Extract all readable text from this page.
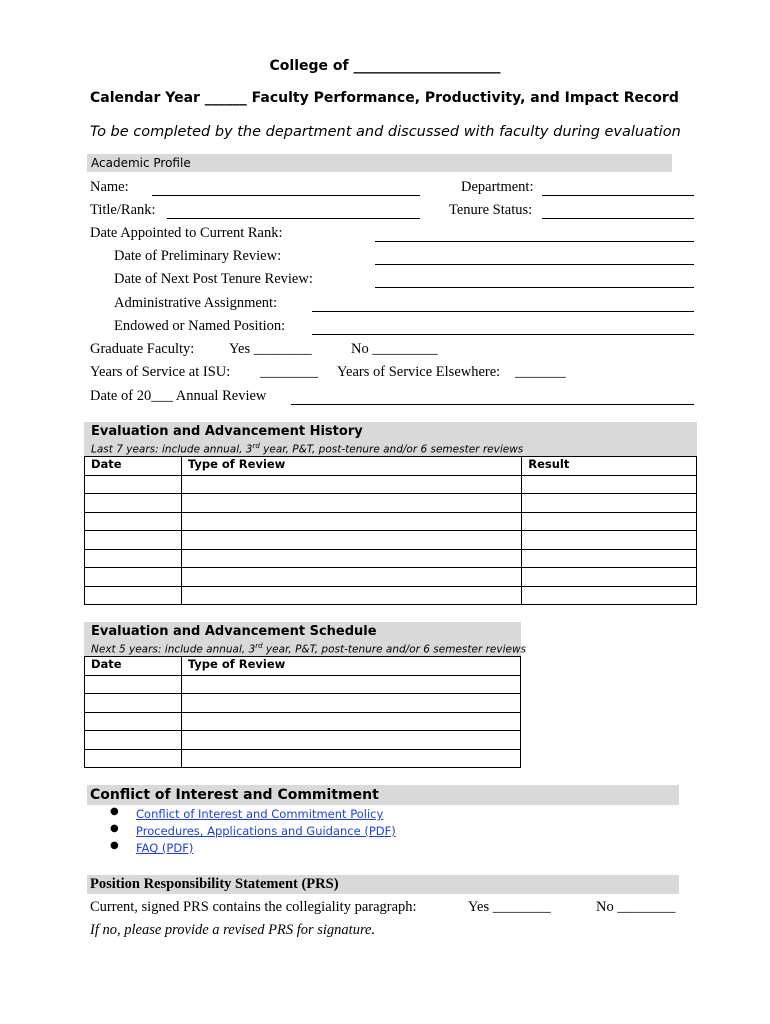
College of _____________________
Calendar Year ______ Faculty Performance, Productivity, and Impact Record
To be completed by the department and discussed with faculty during evaluation
Academic Profile
Name:	Department:
Title/Rank:	Tenure Status:
Date Appointed to Current Rank:
Date of Preliminary Review:
Date of Next Post Tenure Review:
Administrative Assignment:
Endowed or Named Position:
Graduate Faculty: Yes ________	No _________
Years of Service at ISU: ________ Years of Service Elsewhere: _______
Date of 20___ Annual Review
Evaluation and Advancement History
Last 7 years: include annual, 3rd year, P&T, post-tenure and/or 6 semester reviews
Date	Type of Review	Result

Evaluation and Advancement Schedule
Next 5 years: include annual, 3rd year, P&T, post-tenure and/or 6 semester reviews
Date	Type of Review

Conflict of Interest and Commitment
● Conflict of Interest and Commitment Policy
● Procedures, Applications and Guidance (PDF)
● FAQ (PDF)
Position Responsibility Statement (PRS)
Current, signed PRS contains the collegiality paragraph:	Yes ________	No ________
If no, please provide a revised PRS for signature.
